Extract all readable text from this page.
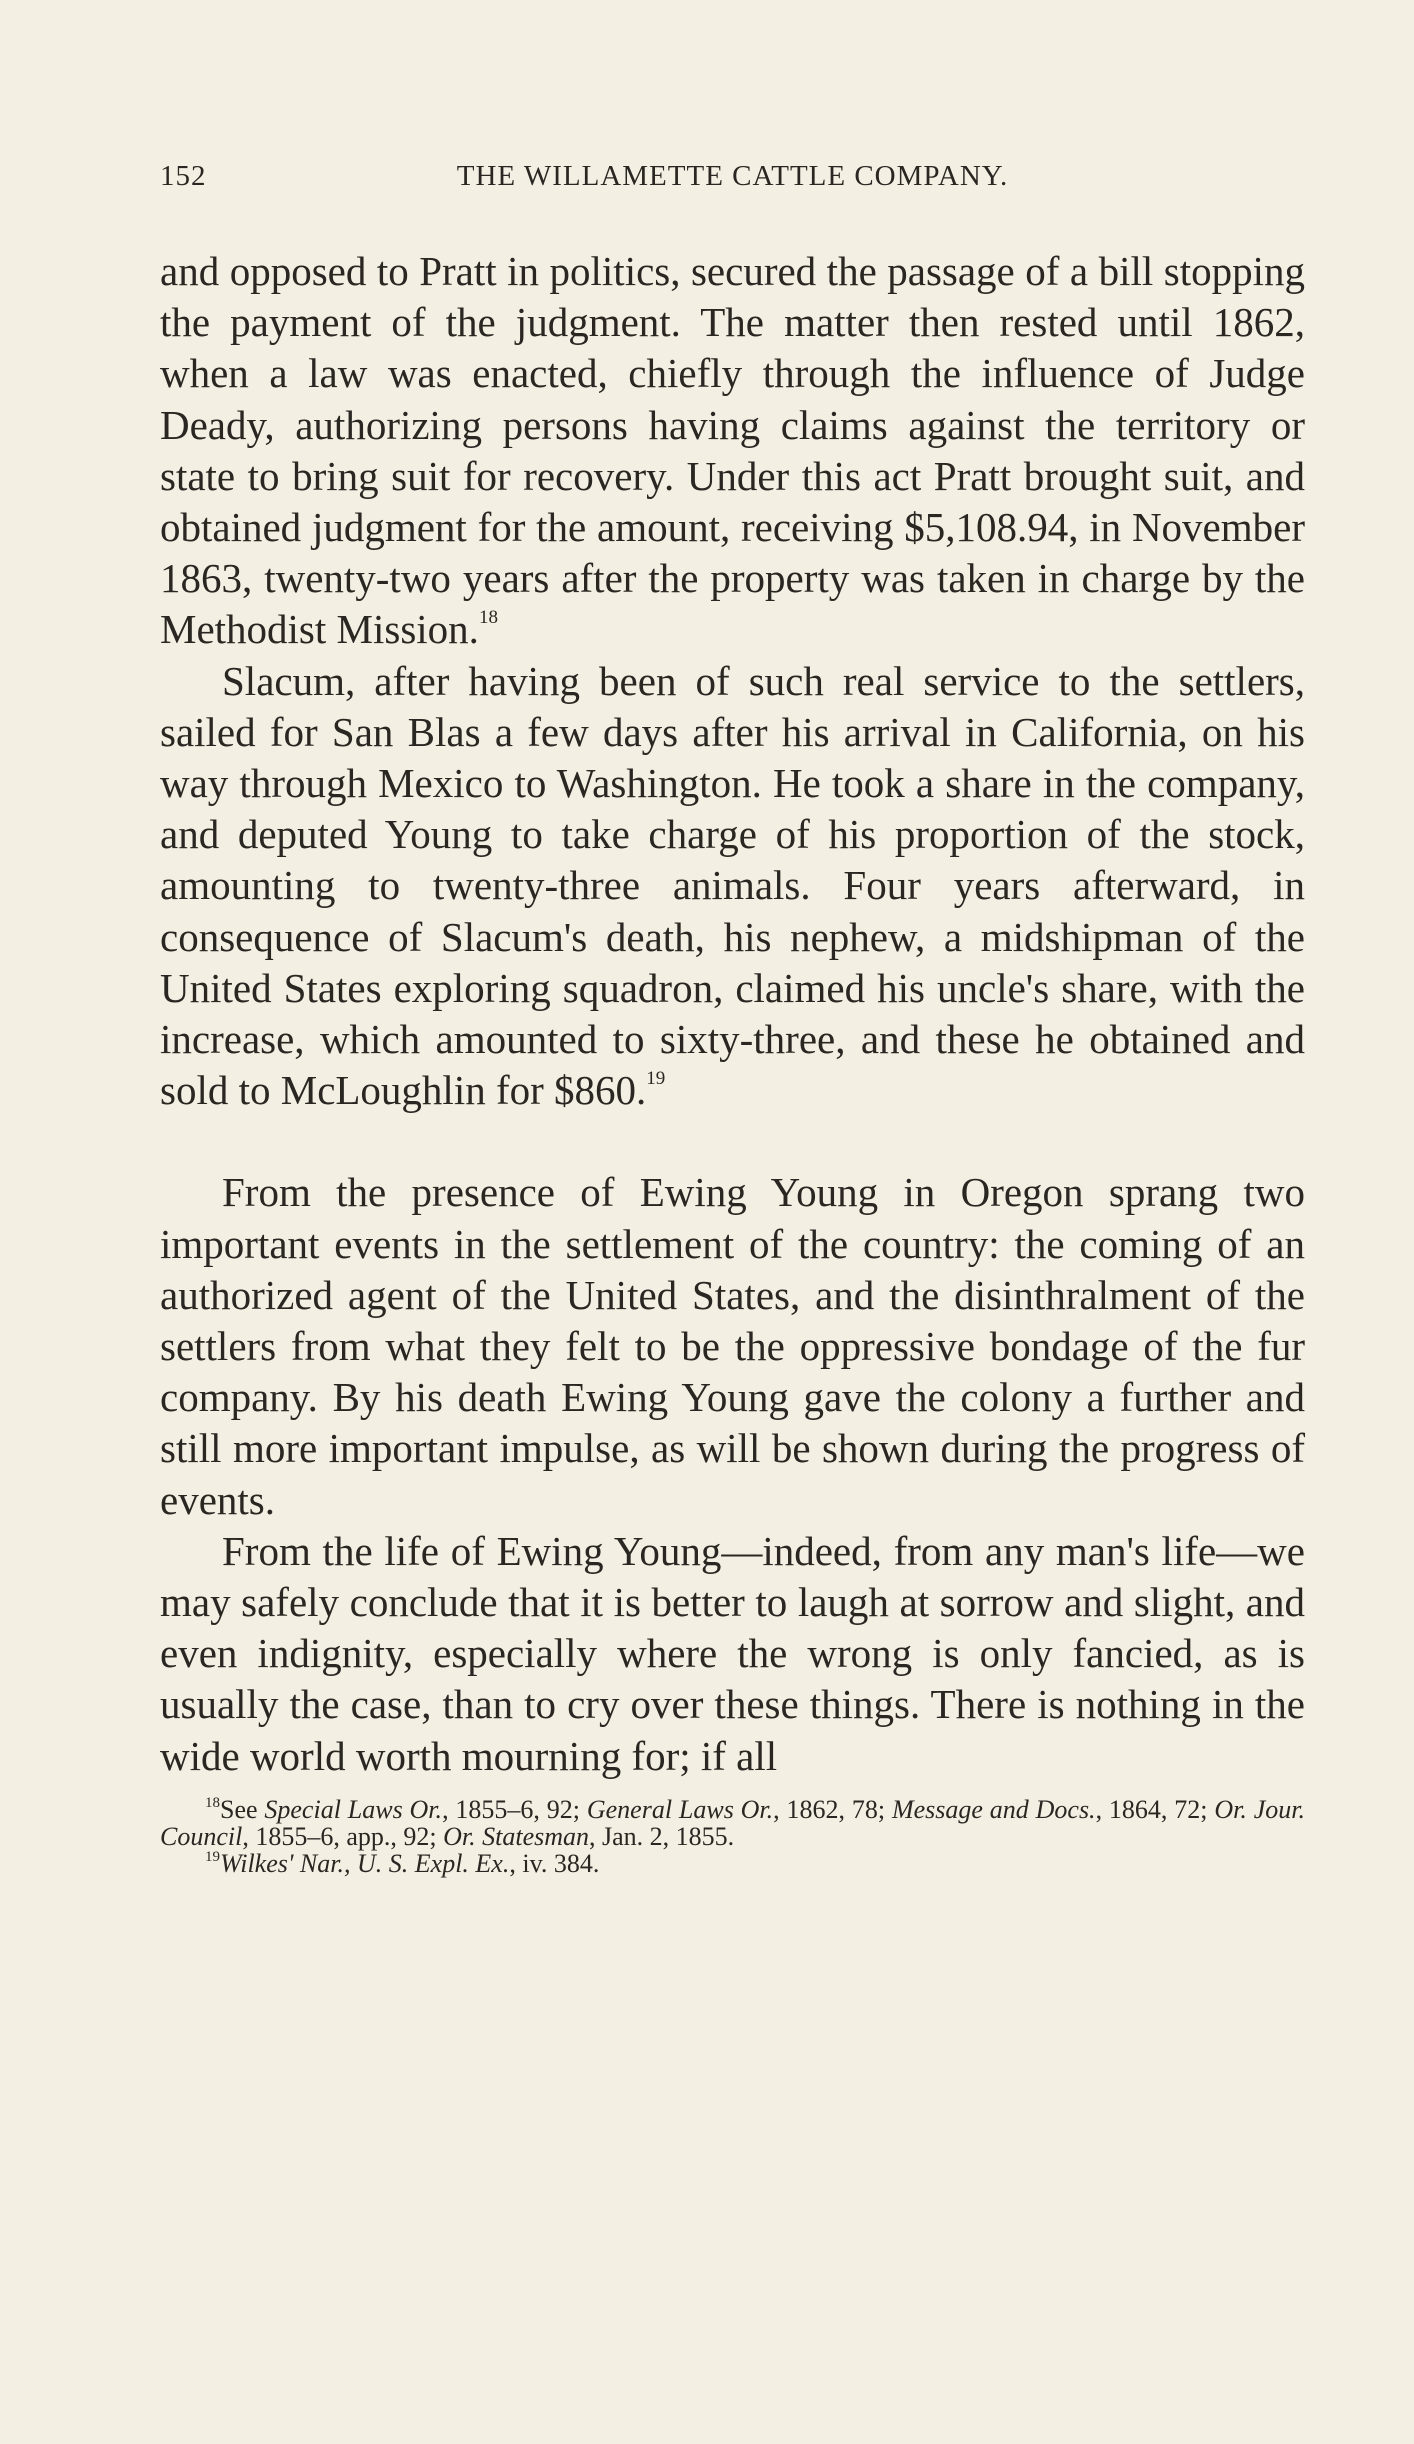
152	THE WILLAMETTE CATTLE COMPANY.

and opposed to Pratt in politics, secured the passage of a bill stopping the payment of the judgment. The matter then rested until 1862, when a law was enacted, chiefly through the influence of Judge Deady, authorizing persons having claims against the territory or state to bring suit for recovery. Under this act Pratt brought suit, and obtained judgment for the amount, receiving $5,108.94, in November 1863, twenty-two years after the property was taken in charge by the Methodist Mission.$^{18}$

Slacum, after having been of such real service to the settlers, sailed for San Blas a few days after his arrival in California, on his way through Mexico to Washington. He took a share in the company, and deputed Young to take charge of his proportion of the stock, amounting to twenty-three animals. Four years afterward, in consequence of Slacum's death, his nephew, a midshipman of the United States exploring squadron, claimed his uncle's share, with the increase, which amounted to sixty-three, and these he obtained and sold to McLoughlin for $860.19

From the presence of Ewing Young in Oregon sprang two important events in the settlement of the country: the coming of an authorized agent of the United States, and the disinthralment of the settlers from what they felt to be the oppressive bondage of the fur company. By his death Ewing Young gave the colony a further and still more important impulse, as will be shown during the progress of events.

From the life of Ewing Young—indeed, from any man's life—we may safely conclude that it is better to laugh at sorrow and slight, and even indignity, especially where the wrong is only fancied, as is usually the case, than to cry over these things. There is nothing in the wide world worth mourning for; if all

$^{18}$See Special Laws Or., 1855–6, 92; General Laws Or., 1862, 78; Message and Docs., 1864, 72; Or. Jour. Council, 1855–6, app., 92; Or. Statesman, Jan. 2, 1855.

$^{19}$Wilkes' Nar., U. S. Expl. Ex., iv. 384.
